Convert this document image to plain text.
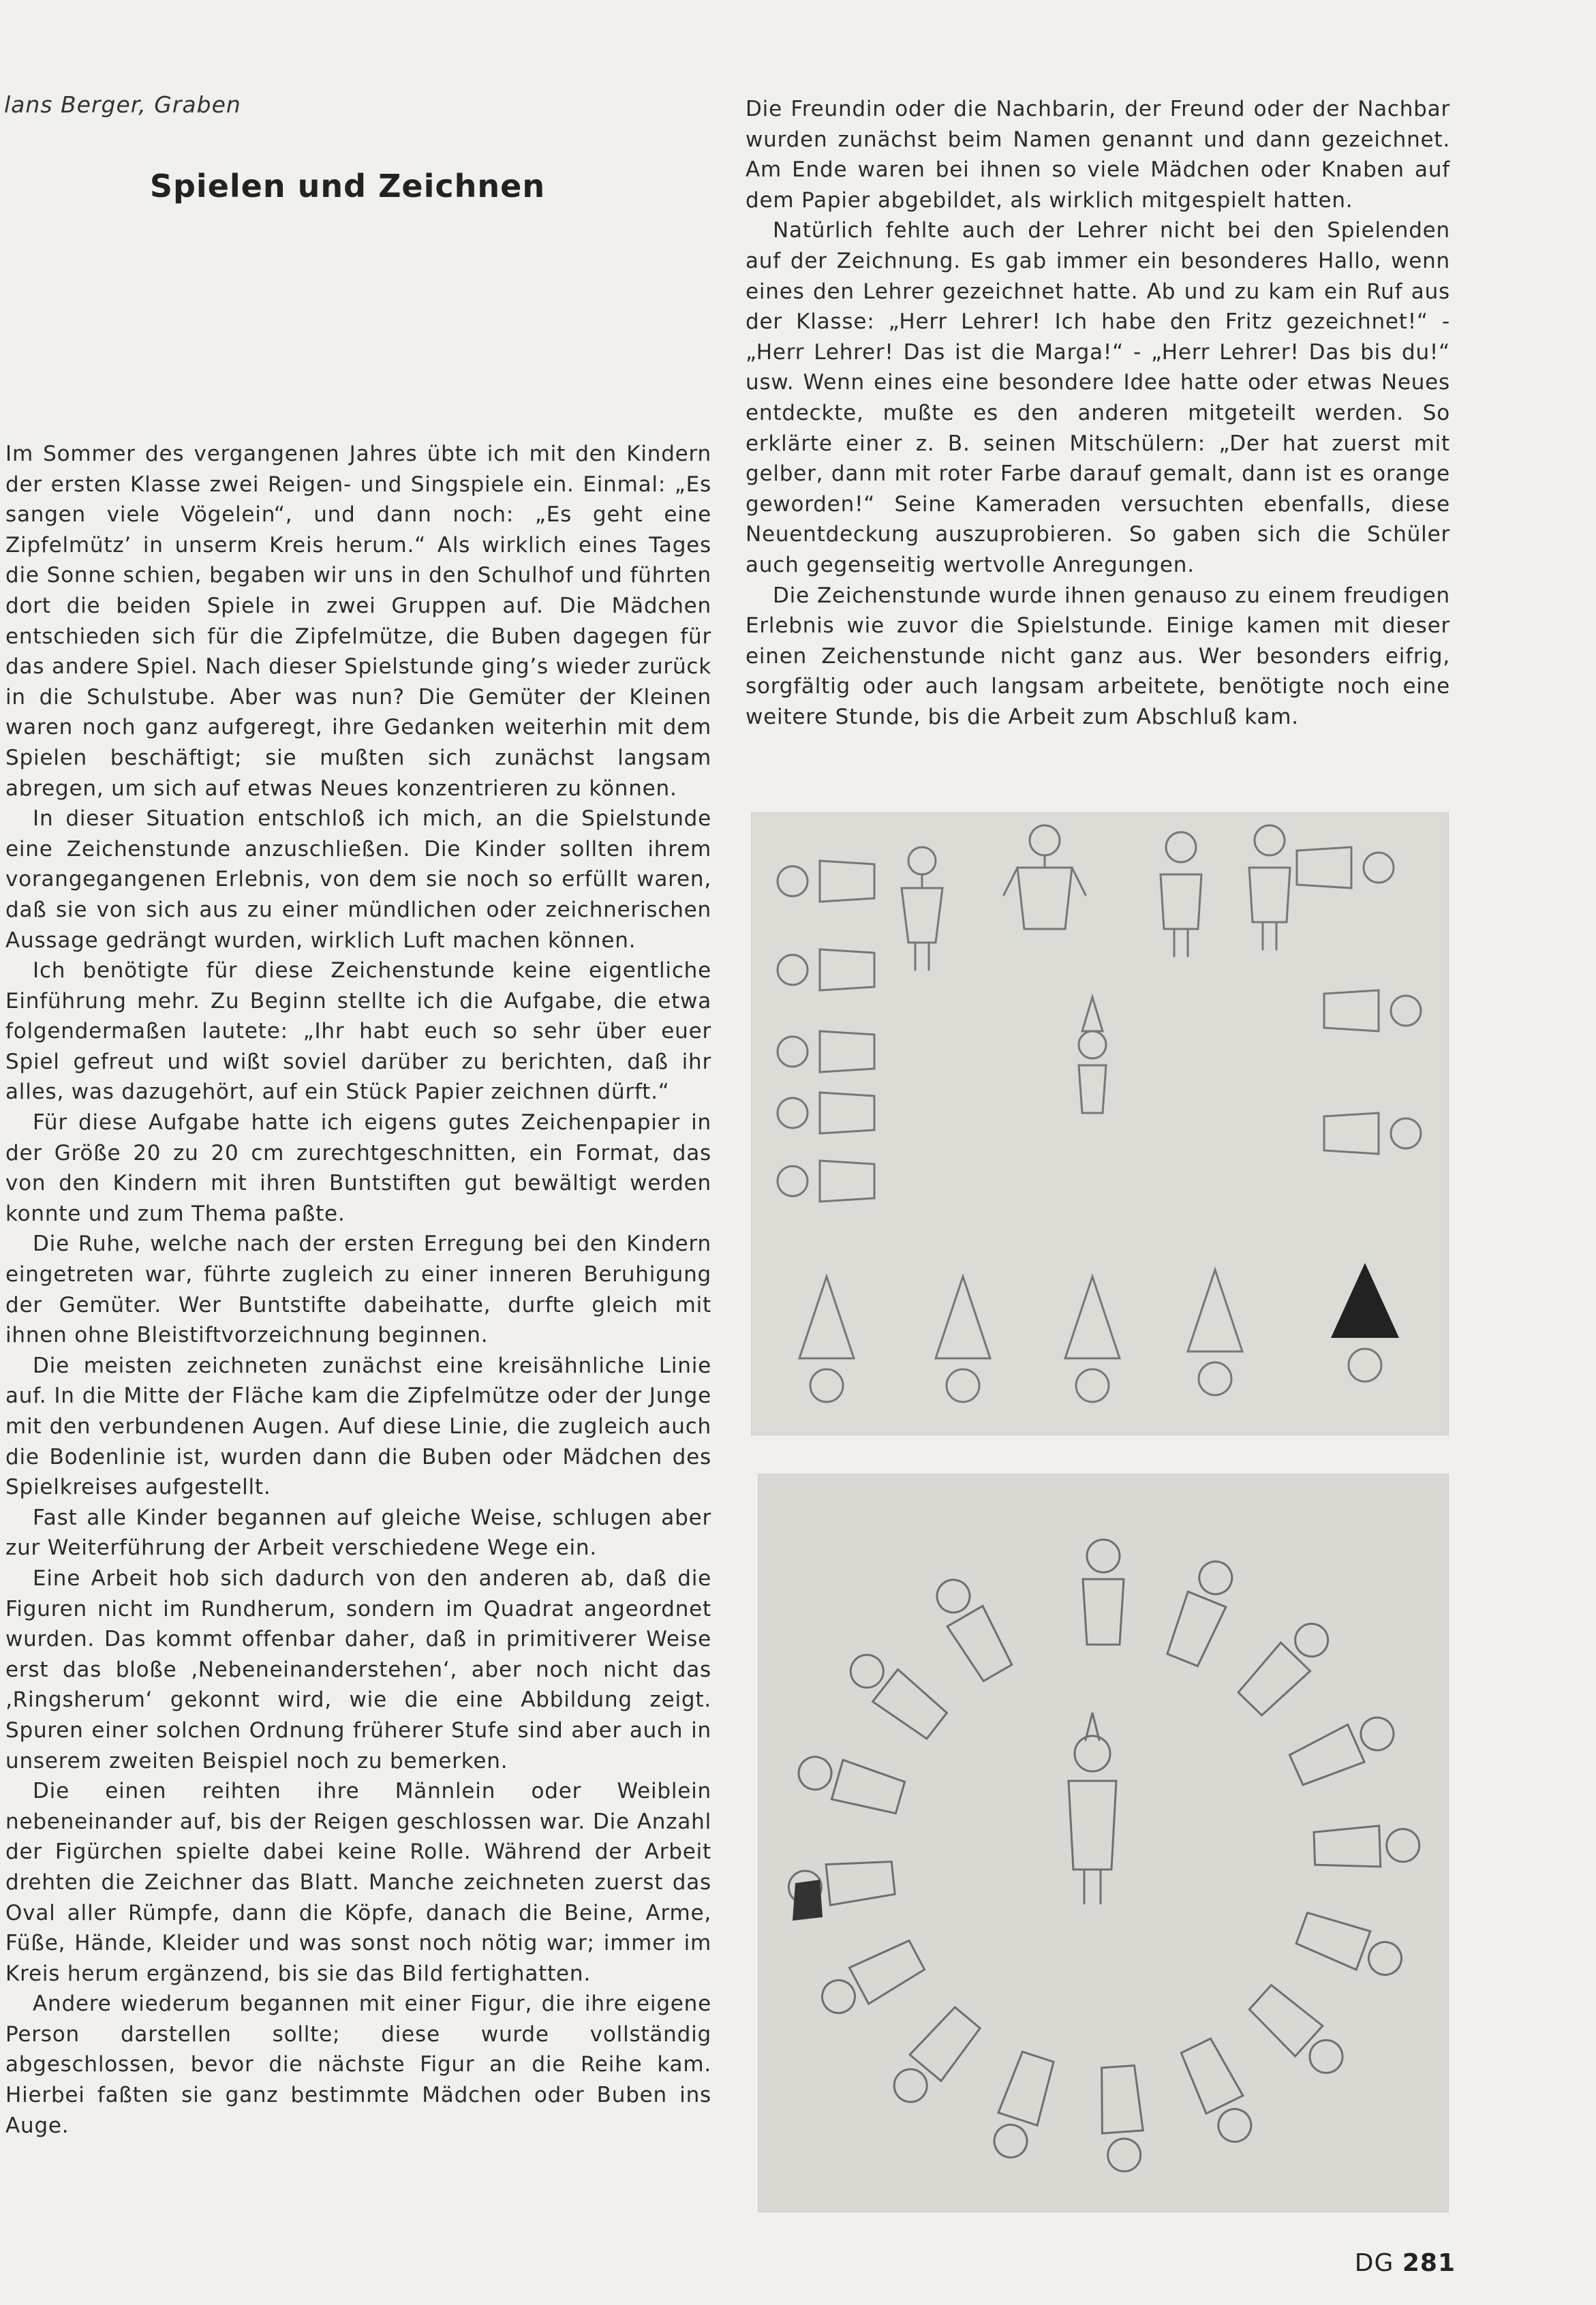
lans Berger, Graben
Spielen und Zeichnen

Im Sommer des vergangenen Jahres übte ich mit den Kindern der ersten Klasse zwei Reigen- und Singspiele ein. Einmal: „Es sangen viele Vögelein“, und dann noch: „Es geht eine Zipfelmütz’ in unserm Kreis herum.“ Als wirklich eines Tages die Sonne schien, begaben wir uns in den Schulhof und führten dort die beiden Spiele in zwei Gruppen auf. Die Mädchen entschieden sich für die Zipfelmütze, die Buben dagegen für das andere Spiel. Nach dieser Spielstunde ging’s wieder zurück in die Schulstube. Aber was nun? Die Gemüter der Kleinen waren noch ganz aufgeregt, ihre Gedanken weiterhin mit dem Spielen beschäftigt; sie mußten sich zunächst langsam abregen, um sich auf etwas Neues konzentrieren zu können.

In dieser Situation entschloß ich mich, an die Spielstunde eine Zeichenstunde anzuschließen. Die Kinder sollten ihrem vorangegangenen Erlebnis, von dem sie noch so erfüllt waren, daß sie von sich aus zu einer mündlichen oder zeichnerischen Aussage gedrängt wurden, wirklich Luft machen können.

Ich benötigte für diese Zeichenstunde keine eigentliche Einführung mehr. Zu Beginn stellte ich die Aufgabe, die etwa folgendermaßen lautete: „Ihr habt euch so sehr über euer Spiel gefreut und wißt soviel darüber zu berichten, daß ihr alles, was dazugehört, auf ein Stück Papier zeichnen dürft.“

Für diese Aufgabe hatte ich eigens gutes Zeichenpapier in der Größe 20 zu 20 cm zurechtgeschnitten, ein Format, das von den Kindern mit ihren Buntstiften gut bewältigt werden konnte und zum Thema paßte.

Die Ruhe, welche nach der ersten Erregung bei den Kindern eingetreten war, führte zugleich zu einer inneren Beruhigung der Gemüter. Wer Buntstifte dabeihatte, durfte gleich mit ihnen ohne Bleistiftvorzeichnung beginnen.

Die meisten zeichneten zunächst eine kreisähnliche Linie auf. In die Mitte der Fläche kam die Zipfelmütze oder der Junge mit den verbundenen Augen. Auf diese Linie, die zugleich auch die Bodenlinie ist, wurden dann die Buben oder Mädchen des Spielkreises aufgestellt.

Fast alle Kinder begannen auf gleiche Weise, schlugen aber zur Weiterführung der Arbeit verschiedene Wege ein.

Eine Arbeit hob sich dadurch von den anderen ab, daß die Figuren nicht im Rundherum, sondern im Quadrat angeordnet wurden. Das kommt offenbar daher, daß in primitiverer Weise erst das bloße ‚Nebeneinanderstehen‘, aber noch nicht das ‚Ringsherum‘ gekonnt wird, wie die eine Abbildung zeigt. Spuren einer solchen Ordnung früherer Stufe sind aber auch in unserem zweiten Beispiel noch zu bemerken.

Die einen reihten ihre Männlein oder Weiblein nebeneinander auf, bis der Reigen geschlossen war. Die Anzahl der Figürchen spielte dabei keine Rolle. Während der Arbeit drehten die Zeichner das Blatt. Manche zeichneten zuerst das Oval aller Rümpfe, dann die Köpfe, danach die Beine, Arme, Füße, Hände, Kleider und was sonst noch nötig war; immer im Kreis herum ergänzend, bis sie das Bild fertighatten.

Andere wiederum begannen mit einer Figur, die ihre eigene Person darstellen sollte; diese wurde vollständig abgeschlossen, bevor die nächste Figur an die Reihe kam. Hierbei faßten sie ganz bestimmte Mädchen oder Buben ins Auge.

Die Freundin oder die Nachbarin, der Freund oder der Nachbar wurden zunächst beim Namen genannt und dann gezeichnet. Am Ende waren bei ihnen so viele Mädchen oder Knaben auf dem Papier abgebildet, als wirklich mitgespielt hatten.

Natürlich fehlte auch der Lehrer nicht bei den Spielenden auf der Zeichnung. Es gab immer ein besonderes Hallo, wenn eines den Lehrer gezeichnet hatte. Ab und zu kam ein Ruf aus der Klasse: „Herr Lehrer! Ich habe den Fritz gezeichnet!“ - „Herr Lehrer! Das ist die Marga!“ - „Herr Lehrer! Das bis du!“ usw. Wenn eines eine besondere Idee hatte oder etwas Neues entdeckte, mußte es den anderen mitgeteilt werden. So erklärte einer z. B. seinen Mitschülern: „Der hat zuerst mit gelber, dann mit roter Farbe darauf gemalt, dann ist es orange geworden!“ Seine Kameraden versuchten ebenfalls, diese Neuentdeckung auszuprobieren. So gaben sich die Schüler auch gegenseitig wertvolle Anregungen.

Die Zeichenstunde wurde ihnen genauso zu einem freudigen Erlebnis wie zuvor die Spielstunde. Einige kamen mit dieser einen Zeichenstunde nicht ganz aus. Wer besonders eifrig, sorgfältig oder auch langsam arbeitete, benötigte noch eine weitere Stunde, bis die Arbeit zum Abschluß kam.

DG 281
